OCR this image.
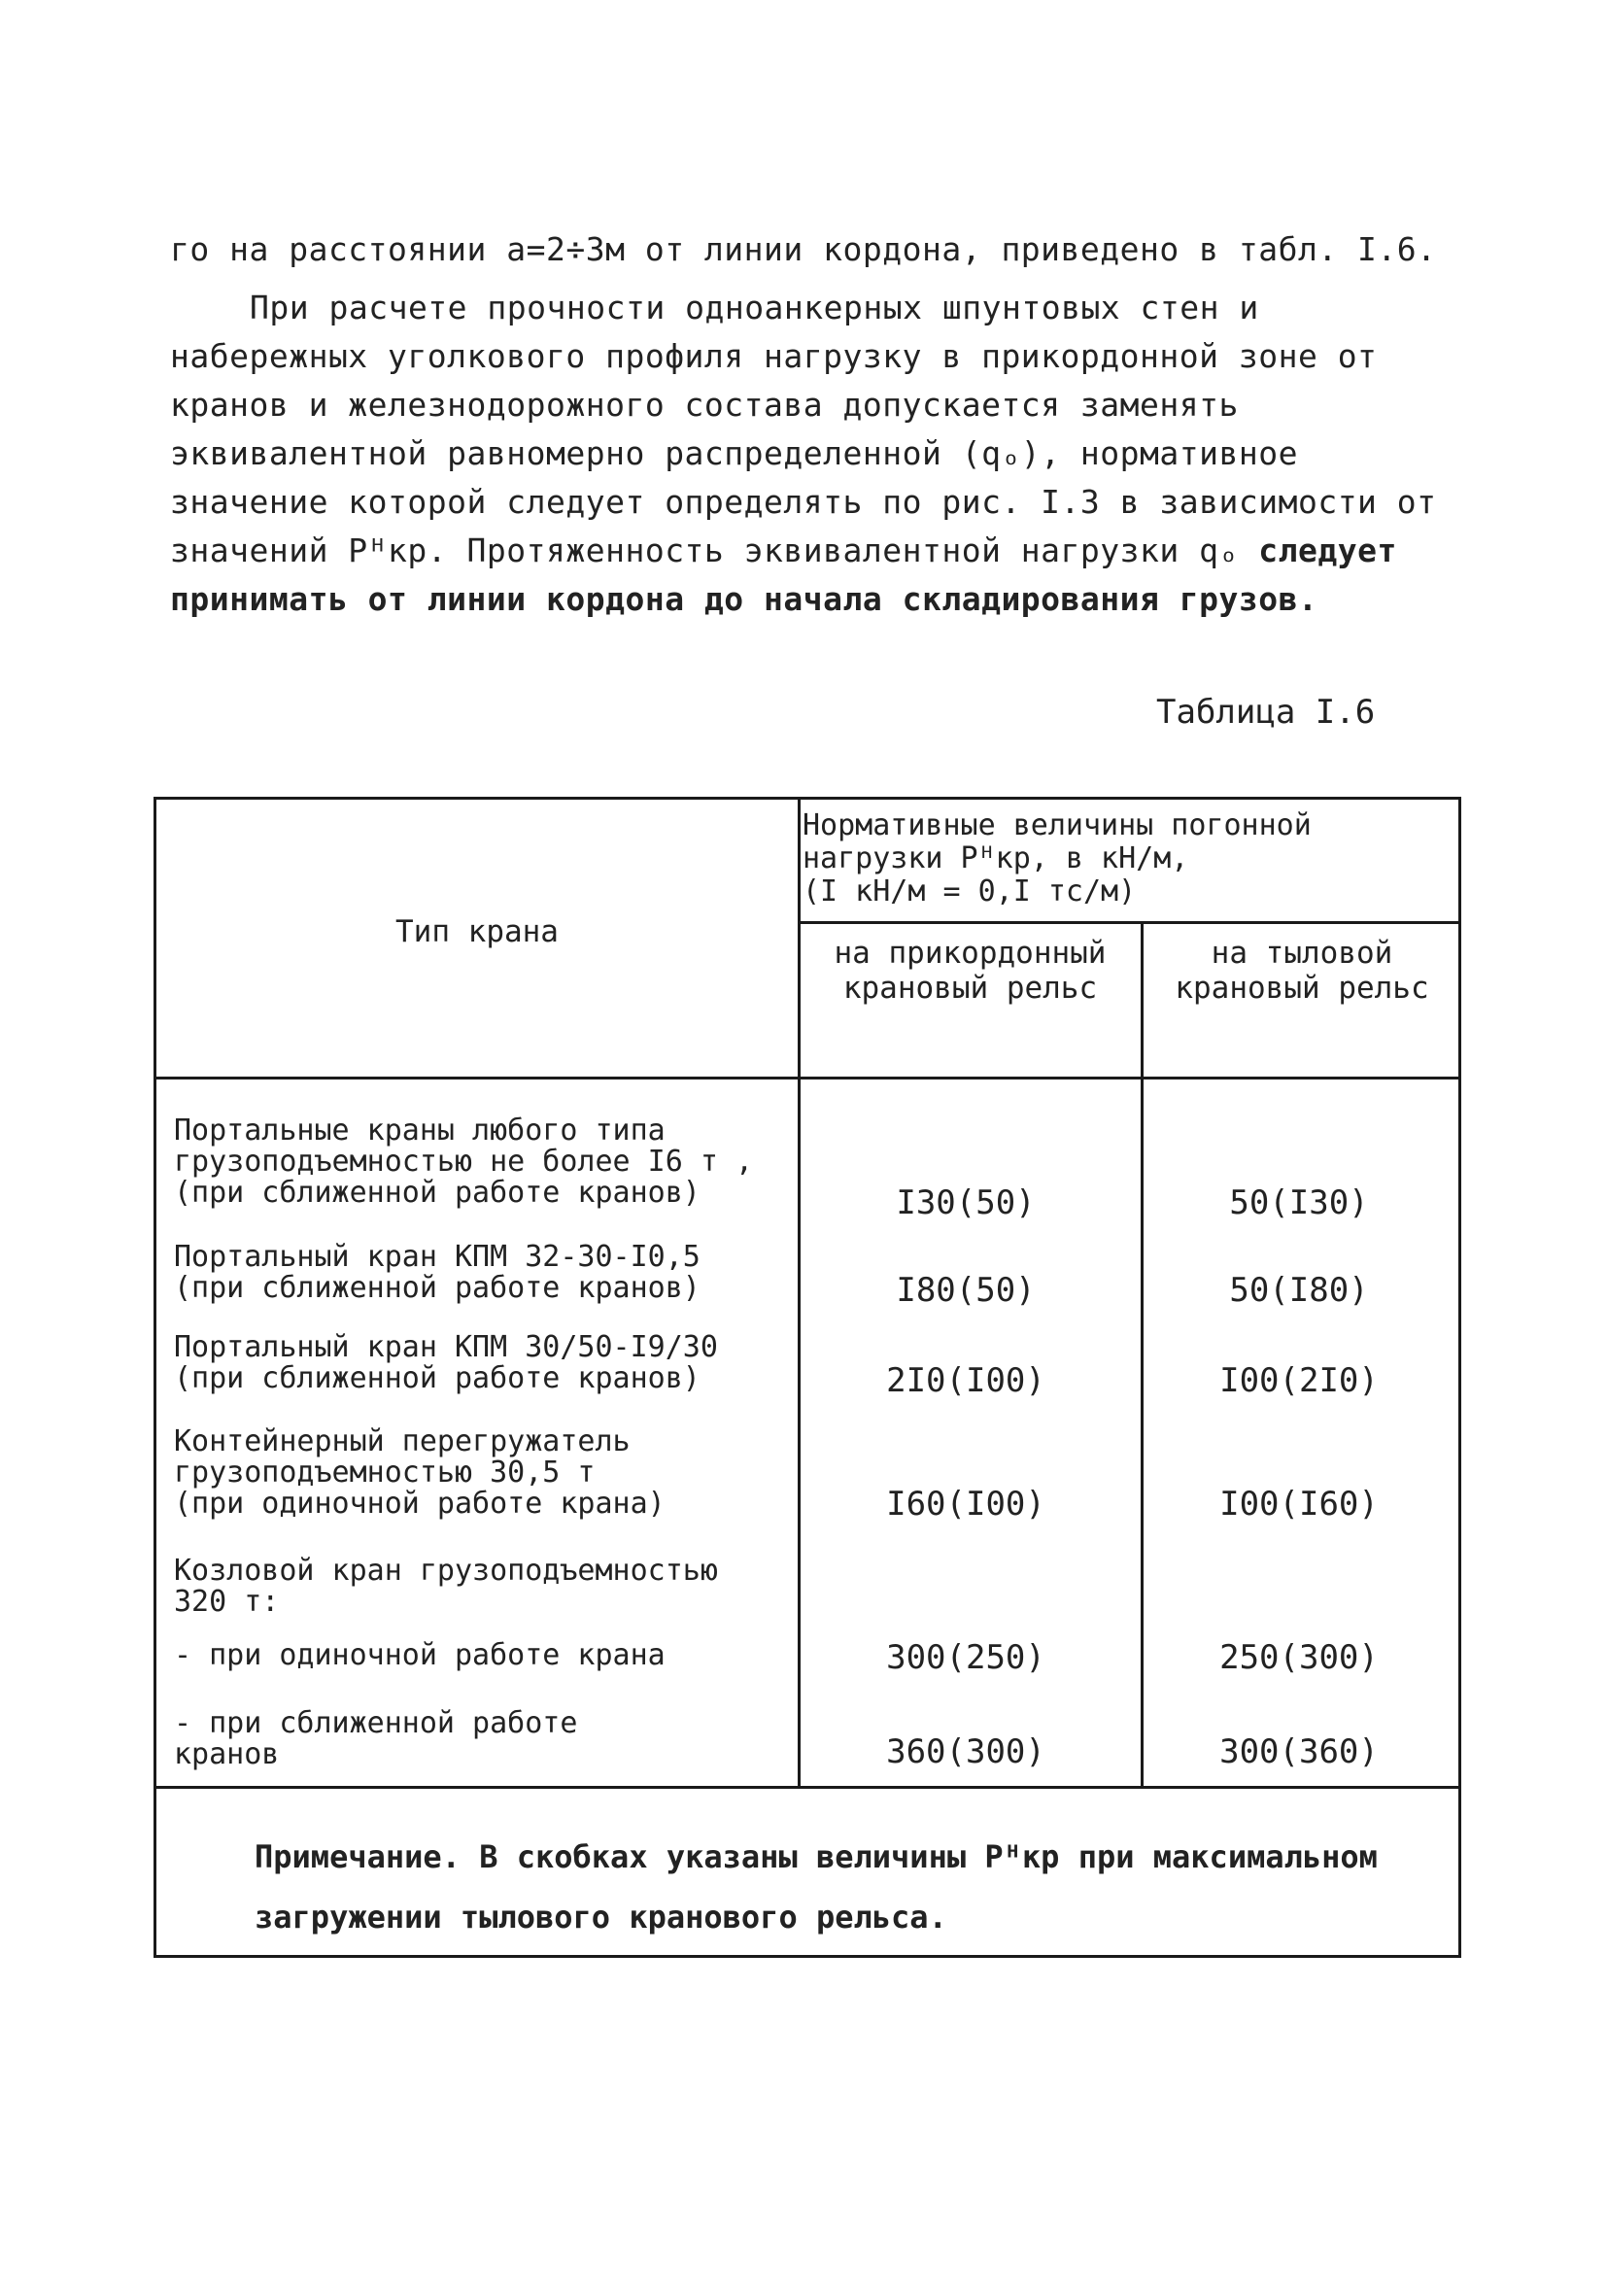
го на расстоянии a=2÷3м от линии кордона, приведено в табл. I.6.
При расчете прочности одноанкерных шпунтовых стен и набережных уголкового профиля нагрузку в прикордонной зоне от кранов и железнодорожного состава допускается заменять эквивалентной равномерно распределенной (qₒ), нормативное значение которой следует определять по рис. I.3 в зависимости от значений Pᴴкр. Протяженность эквивалентной нагрузки qₒ следует принимать от линии кордона до начала складирования грузов.
Таблица I.6
Тип крана
Нормативные величины погонной нагрузки Pᴴкр, в кН/м,
(I кН/м = 0,I тс/м)
на прикордонный
крановый рельс
на тыловой
крановый рельс
Портальные краны любого типа грузоподъемностью не более I6 т ,
(при сближенной работе кранов)	I30(50)	50(I30)
Портальный кран КПМ 32-30-I0,5
(при сближенной работе кранов)	I80(50)	50(I80)
Портальный кран КПМ 30/50-I9/30
(при сближенной работе кранов)	2I0(I00)	I00(2I0)
Контейнерный перегружатель грузоподъемностью 30,5 т
(при одиночной работе крана)	I60(I00)	I00(I60)
Козловой кран грузоподъемностью
320 т:
- при одиночной работе крана	300(250)	250(300)
- при сближенной работе
кранов	360(300)	300(360)
Примечание. В скобках указаны величины Pᴴкр при максимальном загружении тылового кранового рельса.
